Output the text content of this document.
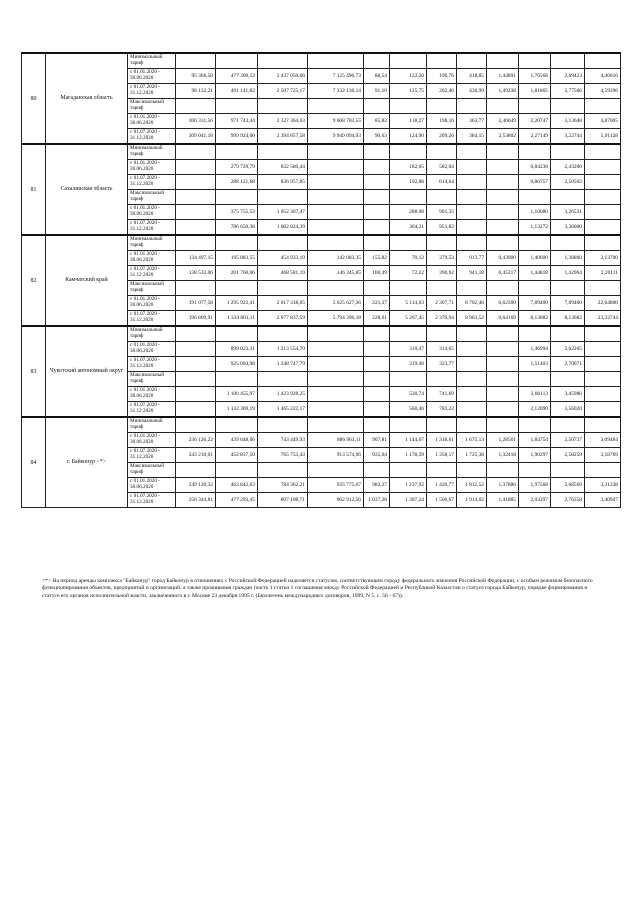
80	Магаданская область	Минимальный тариф												
		с 01.01.2020 - 30.06.2020	95 366,58	477 300,12	2 437 050,66	7 125 496,73	88,54	122,20	196,76	418,85	1,44891	1,76568	2,69423	4,46016
		с 01.07.2020 - 31.12.2020	98 132,21	491 141,82	2 507 725,17	7 332 136,14	91,10	125,75	202,46	430,99	1,49238	1,81865	2,77506	4,59396
		Максимальный тариф												
		с 01.01.2020 - 30.06.2020	300 331,56	971 743,44	2 327 364,03	9 668 702,55	85,82	118,27	198,16	363,77	2,46649	2,20747	3,13648	4,87005
		с 01.07.2020 - 31.12.2020	309 041,18	999 924,00	2 394 857,58	9 949 094,93	90,63	124,90	209,26	384,15	2,53802	2,27149	3,22744	5,01128
81	Сахалинская область	Минимальный тариф												
		с 01.01.2020 - 30.06.2020		279 729,79	832 580,44			182,65	582,04			0,84230	2,43206	
		с 01.07.2020 - 31.12.2020		288 121,68	836 957,85			192,88	614,64			0,86757	2,50502	
		Максимальный тариф												
		с 01.01.2020 - 30.06.2020		375 755,53	1 052 307,47			288,08	901,35			1,10080	3,26531	
		с 01.07.2020 - 31.12.2020		786 650,38	1 082 824,39			304,21	951,82			1,13272	3,36000	
82	Камчатский край	Минимальный тариф												
		с 01.01.2020 - 30.06.2020	134 497,15	195 883,55	454 933,19	142 083,35	155,82	70,12	379,53	913,77	0,43900	1,40600	1,38800	2,13700
		с 01.07.2020 - 31.12.2020	138 532,06	201 760,06	468 581,19	146 345,85	160,49	72,22	390,92	941,18	0,45217	1,44818	1,42964	2,20111
		Максимальный тариф												
		с 01.01.2020 - 30.06.2020	191 077,58	1 295 923,41	2 017 318,05	5 625 627,36	221,37	5 114,03	2 307,71	8 702,46	0,62300	7,89400	7,89400	22,64800
		с 01.07.2020 - 31.12.2020	196 809,91	1 334 801,11	2 077 837,59	5 794 396,18	228,01	5 267,45	2 376,94	8 963,52	0,64169	8,13082	8,13082	23,32744
83	Чукотский автономный округ	Минимальный тариф												
		с 01.01.2020 - 30.06.2020		899 023,31	1 213 554,70			310,47	314,65			1,46994	2,62205	
		с 01.07.2020 - 31.12.2020		925 094,98	1 248 747,79			319,48	323,77			1,51403	2,70071	
		Максимальный тариф												
		с 01.01.2020 - 30.06.2020		1 100 455,97	1 423 928,25			530,74	741,69			2,06113	3,45986	
		с 01.07.2020 - 31.12.2020		1 132 369,19	1 465 222,17			560,46	783,22			2,12090	3,56020	
84	г. Байконур <*>	Минимальный тариф												
		с 01.01.2020 - 30.06.2020	236 126,22	439 648,06	743 449,93	886 963,11	907,81	1 144,07	1 318,61	1 675,13	1,28561	1,84754	2,50737	3,09484
		с 01.07.2020 - 31.12.2020	243 210,01	452 837,50	765 753,43	913 574,06	935,04	1 178,39	1 358,17	1 725,38	1,32418	1,90297	2,58259	3,18769
		Максимальный тариф												
		с 01.01.2020 - 30.06.2020	249 120,32	463 842,03	784 362,21	935 775,07	982,27	1 237,92	1 426,77	1 812,52	1,37886	1,97568	2,68569	3,31338
		с 01.07.2020 - 31.12.2020	256 344,81	477 293,45	807 108,71	962 912,56	1 037,28	1 307,24	1 506,67	1 914,02	1,41885	2,03297	2,76358	3,40947
<*> На период аренды комплекса "Байконур" город Байконур в отношениях с Российской Федерацией наделяется статусом, соответствующим городу федерального значения Российской Федерации, с особым режимом безопасного функционирования объектов, предприятий и организаций, а также проживания граждан (часть 1 статьи 1 соглашения между Российской Федерацией и Республикой Казахстан о статусе города Байконур, порядке формирования и статусе его органов исполнительной власти, заключенного в г. Москве 23 декабря 1995 г. (Бюллетень международных договоров, 1999, N 5, с. 56 - 67)).
